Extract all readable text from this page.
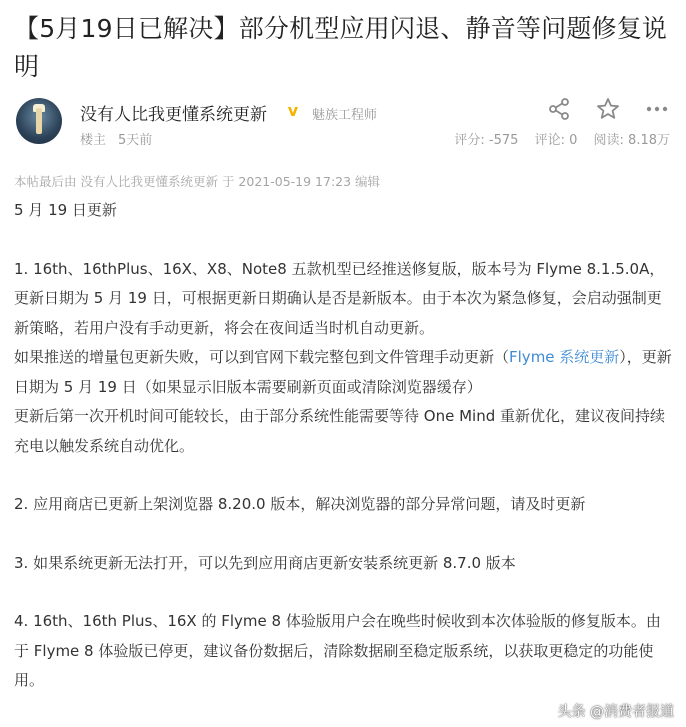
【5月19日已解决】部分机型应用闪退、静音等问题修复说明
没有人比我更懂系统更新 v 魅族工程师
楼主 5天前
	评分: -575 评论: 0 阅读: 8.18万
本帖最后由 没有人比我更懂系统更新 于 2021-05-19 17:23 编辑

5 月 19 日更新

1. 16th、16thPlus、16X、X8、Note8 五款机型已经推送修复版，版本号为 Flyme 8.1.5.0A，更新日期为 5 月 19 日，可根据更新日期确认是否是新版本。由于本次为紧急修复，会启动强制更新策略，若用户没有手动更新，将会在夜间适当时机自动更新。

如果推送的增量包更新失败，可以到官网下载完整包到文件管理手动更新（Flyme 系统更新），更新日期为 5 月 19 日（如果显示旧版本需要刷新页面或清除浏览器缓存）

更新后第一次开机时间可能较长，由于部分系统性能需要等待 One Mind 重新优化，建议夜间持续充电以触发系统自动优化。

2. 应用商店已更新上架浏览器 8.20.0 版本，解决浏览器的部分异常问题，请及时更新

3. 如果系统更新无法打开，可以先到应用商店更新安装系统更新 8.7.0 版本

4. 16th、16th Plus、16X 的 Flyme 8 体验版用户会在晚些时候收到本次体验版的修复版本。由于 Flyme 8 体验版已停更，建议备份数据后，清除数据刷至稳定版系统，以获取更稳定的功能使用。

头条 @消费者报道
